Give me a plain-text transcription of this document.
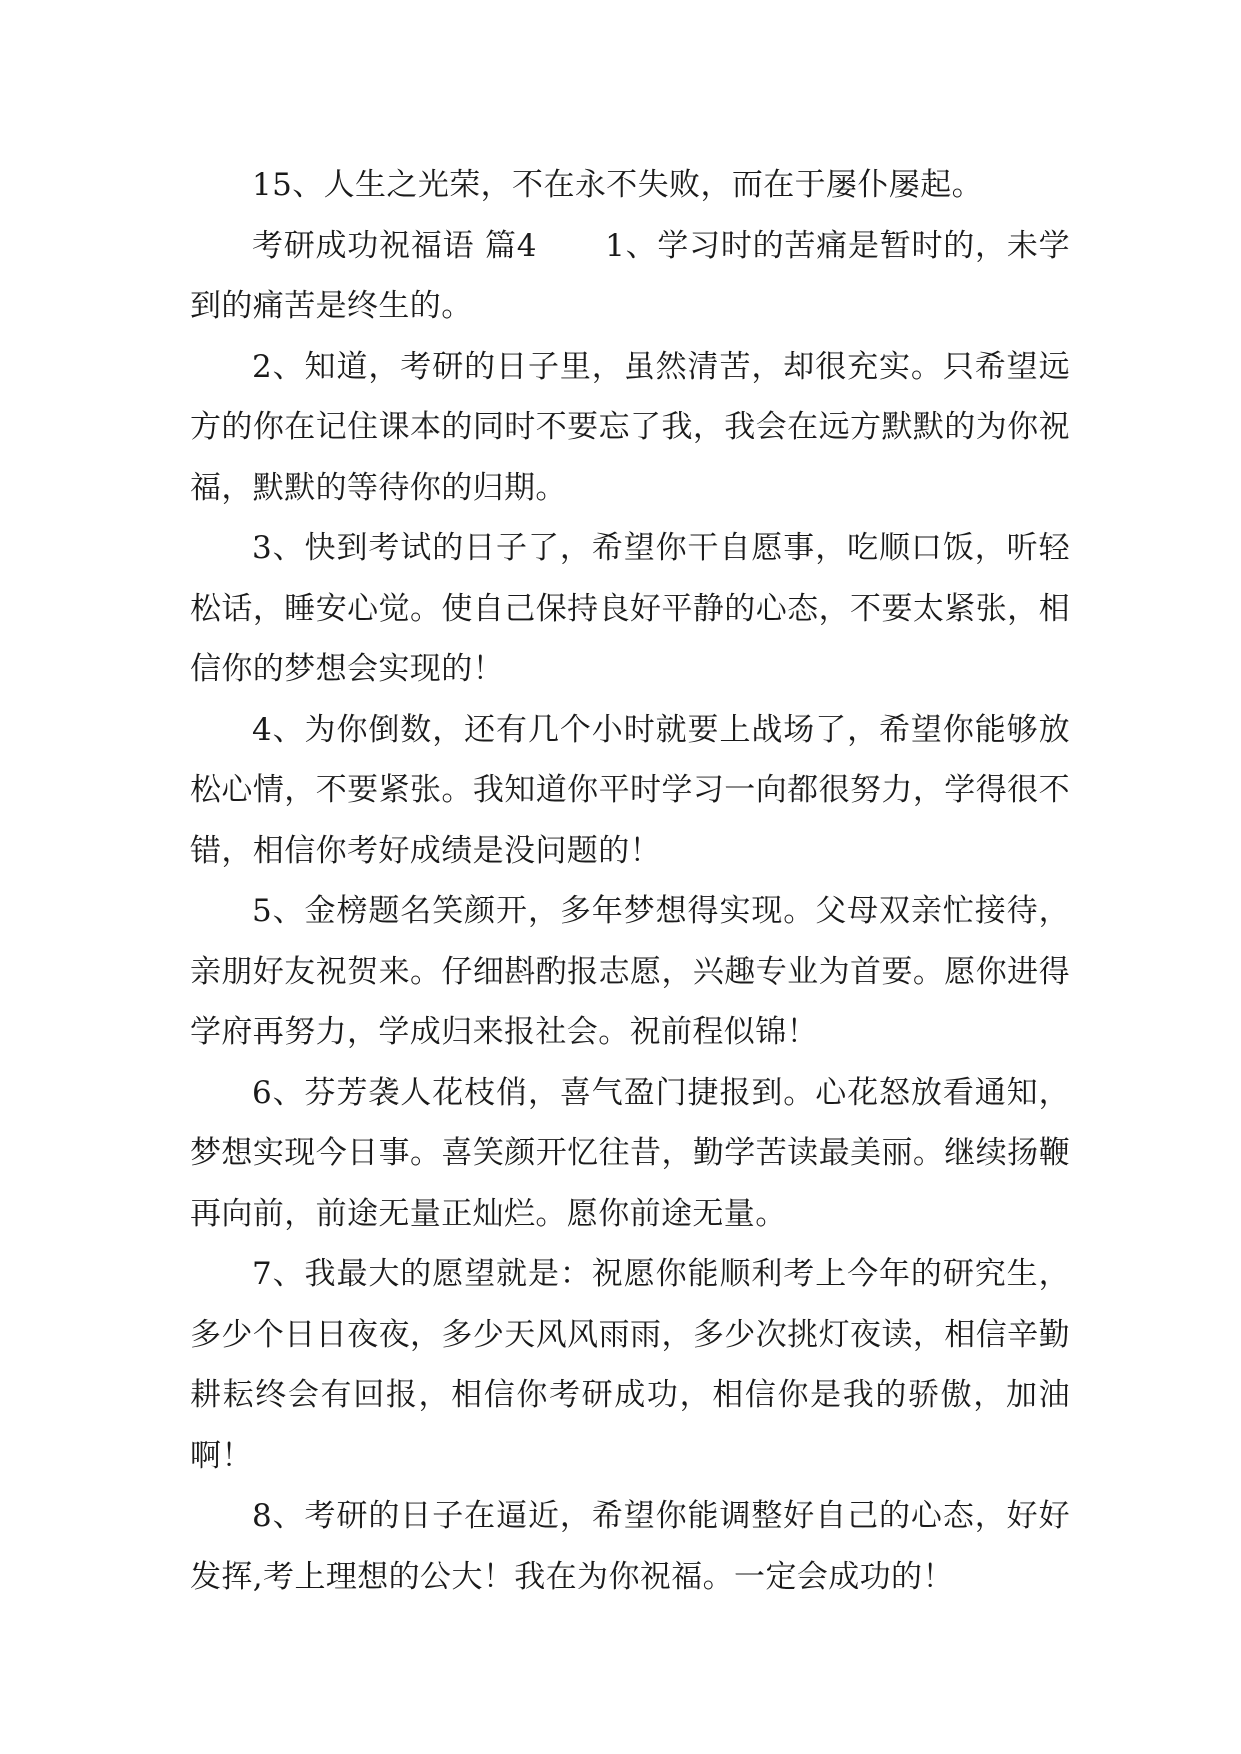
15、人生之光荣，不在永不失败，而在于屡仆屡起。

考研成功祝福语 篇4 1、学习时的苦痛是暂时的，未学到的痛苦是终生的。

2、知道，考研的日子里，虽然清苦，却很充实。只希望远方的你在记住课本的同时不要忘了我，我会在远方默默的为你祝福，默默的等待你的归期。

3、快到考试的日子了，希望你干自愿事，吃顺口饭，听轻松话，睡安心觉。使自己保持良好平静的心态，不要太紧张，相信你的梦想会实现的！

4、为你倒数，还有几个小时就要上战场了，希望你能够放松心情，不要紧张。我知道你平时学习一向都很努力，学得很不错，相信你考好成绩是没问题的！

5、金榜题名笑颜开，多年梦想得实现。父母双亲忙接待，亲朋好友祝贺来。仔细斟酌报志愿，兴趣专业为首要。愿你进得学府再努力，学成归来报社会。祝前程似锦！

6、芬芳袭人花枝俏，喜气盈门捷报到。心花怒放看通知，梦想实现今日事。喜笑颜开忆往昔，勤学苦读最美丽。继续扬鞭再向前，前途无量正灿烂。愿你前途无量。

7、我最大的愿望就是：祝愿你能顺利考上今年的研究生，多少个日日夜夜，多少天风风雨雨，多少次挑灯夜读，相信辛勤耕耘终会有回报，相信你考研成功，相信你是我的骄傲，加油啊！

8、考研的日子在逼近，希望你能调整好自己的心态，好好发挥,考上理想的公大！我在为你祝福。一定会成功的！
